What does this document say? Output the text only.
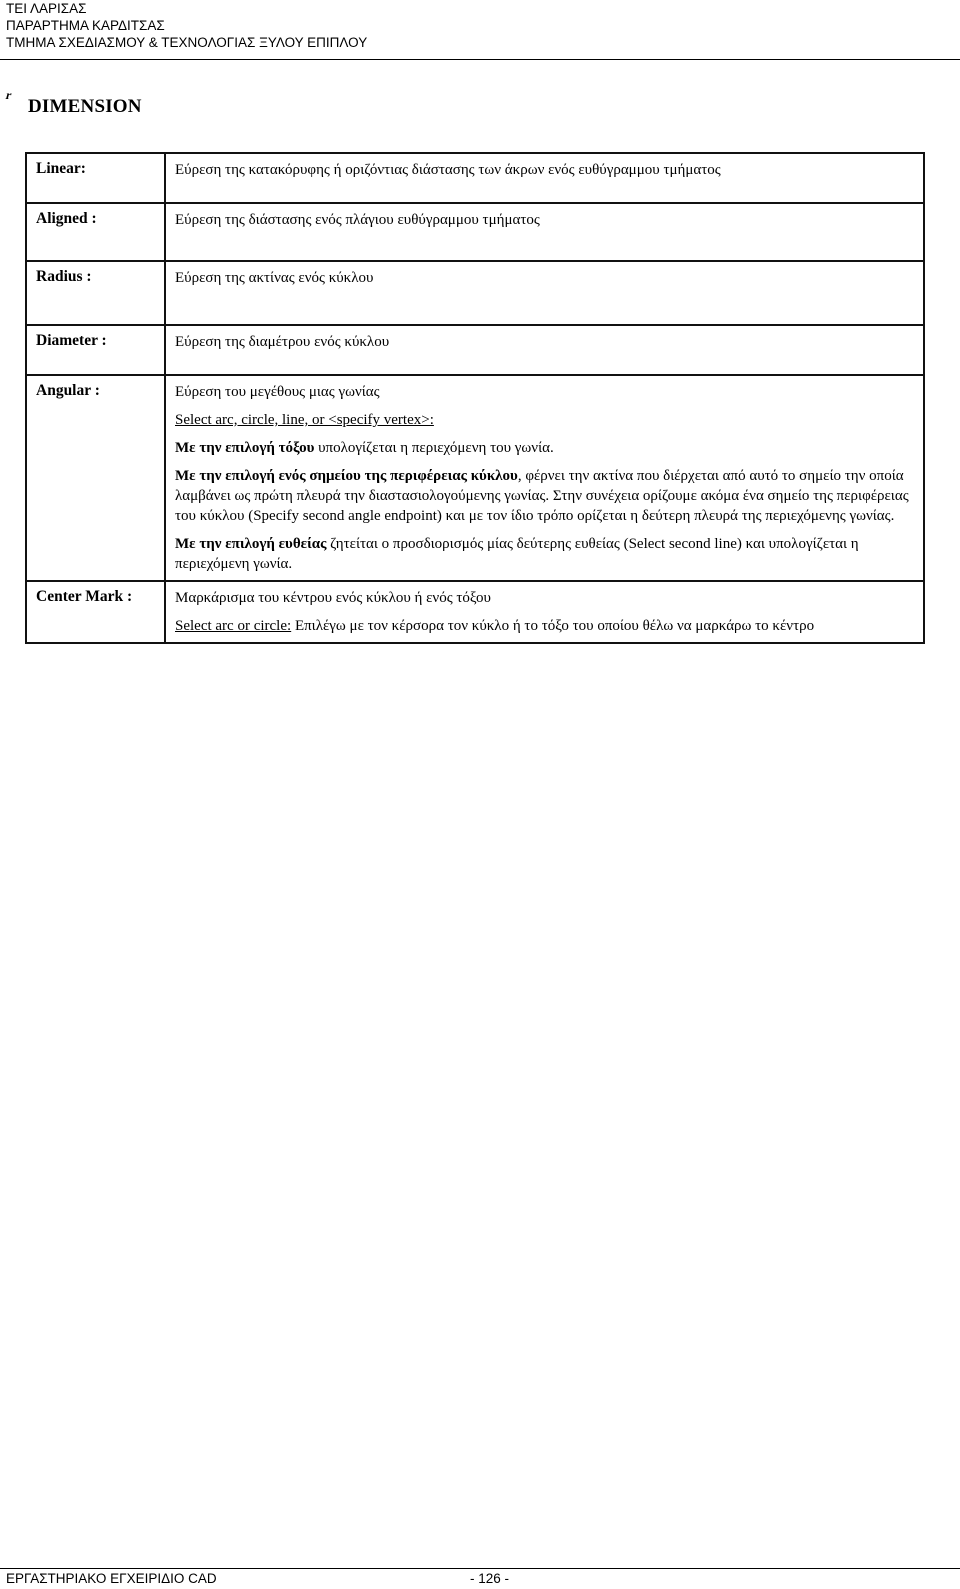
ΤΕΙ ΛΑΡΙΣΑΣ
ΠΑΡΑΡΤΗΜΑ ΚΑΡΔΙΤΣΑΣ
ΤΜΗΜΑ ΣΧΕΔΙΑΣΜΟΥ & ΤΕΧΝΟΛΟΓΙΑΣ ΞΥΛΟΥ ΕΠΙΠΛΟΥ
r
DIMENSION
Linear:	Εύρεση της κατακόρυφης ή οριζόντιας διάστασης των άκρων ενός ευθύγραμμου τμήματος
Aligned :	Εύρεση της διάστασης ενός πλάγιου ευθύγραμμου τμήματος
Radius :	Εύρεση της ακτίνας ενός κύκλου
Diameter :	Εύρεση της διαμέτρου ενός κύκλου
Angular :	Εύρεση του μεγέθους μιας γωνίας

Select arc, circle, line, or <specify vertex>:

Με την επιλογή τόξου υπολογίζεται η περιεχόμενη του γωνία.

Με την επιλογή ενός σημείου της περιφέρειας κύκλου, φέρνει την ακτίνα που διέρχεται από αυτό το σημείο την οποία λαμβάνει ως πρώτη πλευρά την διαστασιολογούμενης γωνίας. Στην συνέχεια ορίζουμε ακόμα ένα σημείο της περιφέρειας του κύκλου (Specify second angle endpoint) και με τον ίδιο τρόπο ορίζεται η δεύτερη πλευρά της περιεχόμενης γωνίας.

Με την επιλογή ευθείας ζητείται ο προσδιορισμός μίας δεύτερης ευθείας (Select second line) και υπολογίζεται η περιεχόμενη γωνία.

Center Mark :	Μαρκάρισμα του κέντρου ενός κύκλου ή ενός τόξου

Select arc or circle: Επιλέγω με τον κέρσορα τον κύκλο ή το τόξο του οποίου θέλω να μαρκάρω το κέντρο

ΕΡΓΑΣΤΗΡΙΑΚΟ ΕΓΧΕΙΡΙΔΙΟ CAD	- 126 -
